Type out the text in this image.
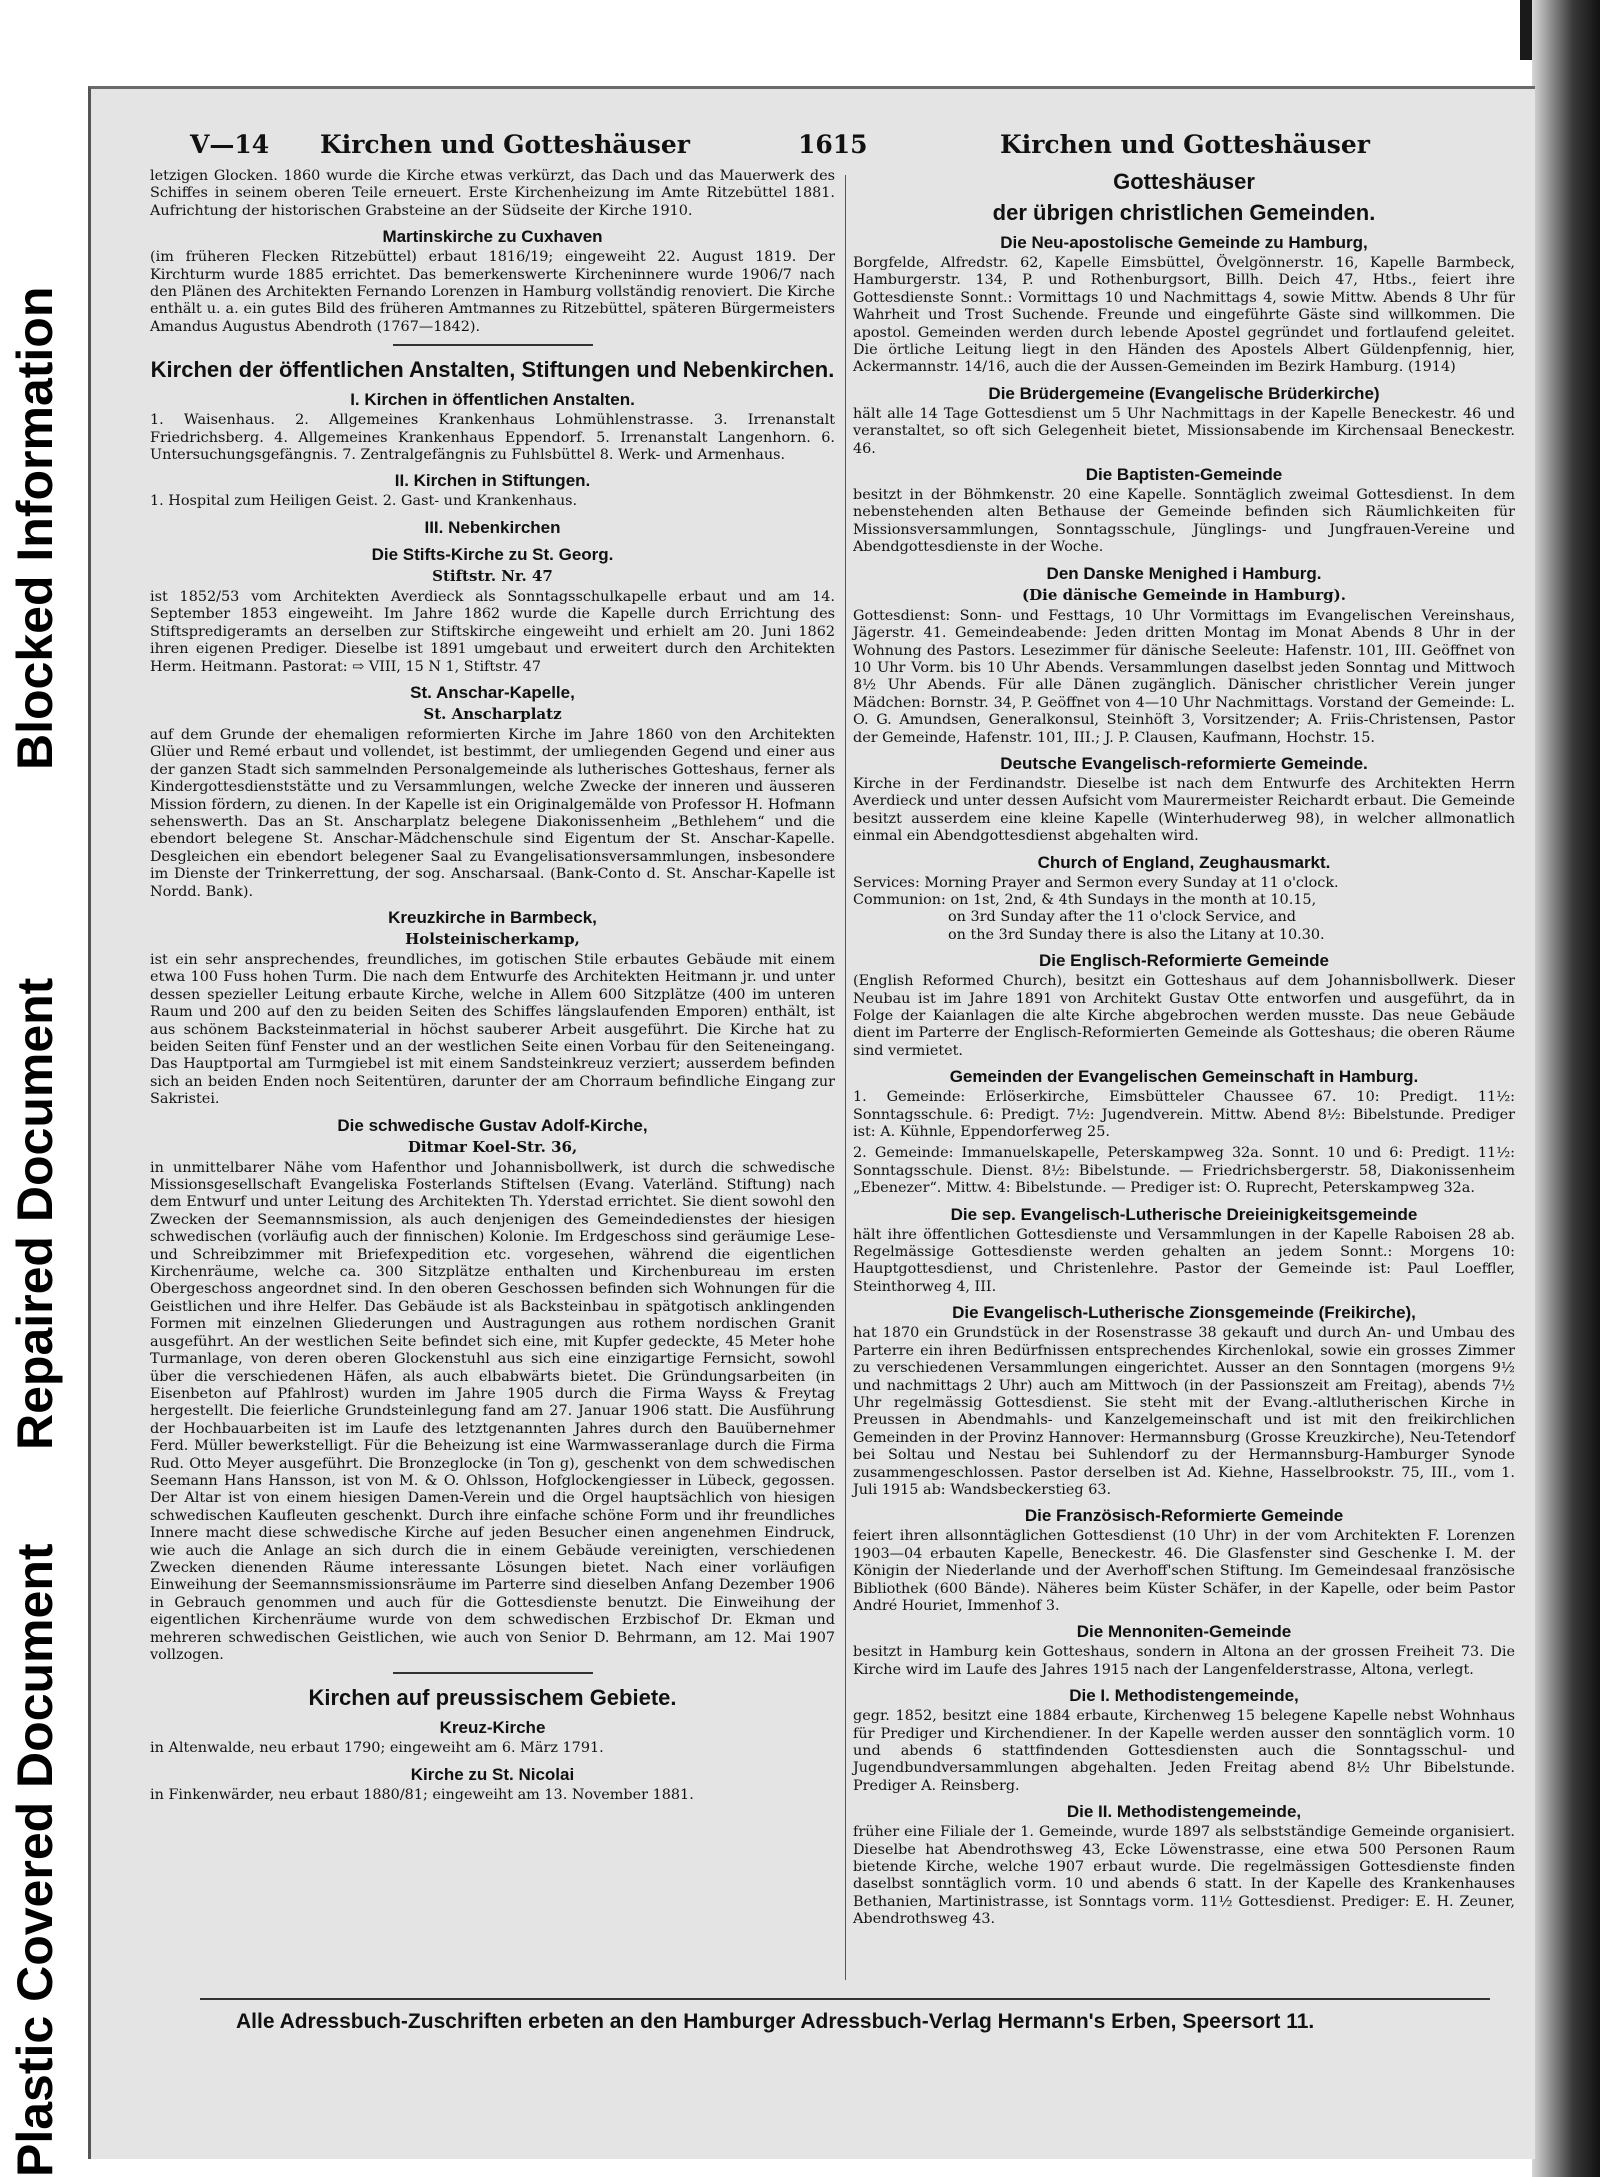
Blocked Information
Repaired Document
Plastic Covered Document
V—14 Kirchen und Gotteshäuser	1615	Kirchen und Gotteshäuser

letzigen Glocken. 1860 wurde die Kirche etwas verkürzt, das Dach und das Mauerwerk des Schiffes in seinem oberen Teile erneuert. Erste Kirchenheizung im Amte Ritzebüttel 1881. Aufrichtung der historischen Grabsteine an der Südseite der Kirche 1910.

Martinskirche zu Cuxhaven

(im früheren Flecken Ritzebüttel) erbaut 1816/19; eingeweiht 22. August 1819. Der Kirchturm wurde 1885 errichtet. Das bemerkenswerte Kircheninnere wurde 1906/7 nach den Plänen des Architekten Fernando Lorenzen in Hamburg vollständig renoviert. Die Kirche enthält u. a. ein gutes Bild des früheren Amtmannes zu Ritzebüttel, späteren Bürgermeisters Amandus Augustus Abendroth (1767—1842).

Kirchen der öffentlichen Anstalten, Stiftungen und Nebenkirchen.
I. Kirchen in öffentlichen Anstalten.

1. Waisenhaus. 2. Allgemeines Krankenhaus Lohmühlenstrasse. 3. Irrenanstalt Friedrichsberg. 4. Allgemeines Krankenhaus Eppendorf. 5. Irrenanstalt Langenhorn. 6. Untersuchungsgefängnis. 7. Zentralgefängnis zu Fuhlsbüttel 8. Werk- und Armenhaus.

II. Kirchen in Stiftungen.

1. Hospital zum Heiligen Geist. 2. Gast- und Krankenhaus.

III. Nebenkirchen
Die Stifts-Kirche zu St. Georg.
Stiftstr. Nr. 47

ist 1852/53 vom Architekten Averdieck als Sonntagsschulkapelle erbaut und am 14. September 1853 eingeweiht. Im Jahre 1862 wurde die Kapelle durch Errichtung des Stiftspredigeramts an derselben zur Stiftskirche eingeweiht und erhielt am 20. Juni 1862 ihren eigenen Prediger. Dieselbe ist 1891 umgebaut und erweitert durch den Architekten Herm. Heitmann. Pastorat: ⇨ VIII, 15 N 1, Stiftstr. 47

St. Anschar-Kapelle,
St. Anscharplatz

auf dem Grunde der ehemaligen reformierten Kirche im Jahre 1860 von den Architekten Glüer und Remé erbaut und vollendet, ist bestimmt, der umliegenden Gegend und einer aus der ganzen Stadt sich sammelnden Personalgemeinde als lutherisches Gotteshaus, ferner als Kindergottesdienststätte und zu Versammlungen, welche Zwecke der inneren und äusseren Mission fördern, zu dienen. In der Kapelle ist ein Originalgemälde von Professor H. Hofmann sehenswerth. Das an St. Anscharplatz belegene Diakonissenheim „Bethlehem“ und die ebendort belegene St. Anschar-Mädchenschule sind Eigentum der St. Anschar-Kapelle. Desgleichen ein ebendort belegener Saal zu Evangelisationsversammlungen, insbesondere im Dienste der Trinkerrettung, der sog. Anscharsaal. (Bank-Conto d. St. Anschar-Kapelle ist Nordd. Bank).

Kreuzkirche in Barmbeck,
Holsteinischerkamp,

ist ein sehr ansprechendes, freundliches, im gotischen Stile erbautes Gebäude mit einem etwa 100 Fuss hohen Turm. Die nach dem Entwurfe des Architekten Heitmann jr. und unter dessen spezieller Leitung erbaute Kirche, welche in Allem 600 Sitzplätze (400 im unteren Raum und 200 auf den zu beiden Seiten des Schiffes längslaufenden Emporen) enthält, ist aus schönem Backsteinmaterial in höchst sauberer Arbeit ausgeführt. Die Kirche hat zu beiden Seiten fünf Fenster und an der westlichen Seite einen Vorbau für den Seiteneingang. Das Hauptportal am Turmgiebel ist mit einem Sandsteinkreuz verziert; ausserdem befinden sich an beiden Enden noch Seitentüren, darunter der am Chorraum befindliche Eingang zur Sakristei.

Die schwedische Gustav Adolf-Kirche,
Ditmar Koel-Str. 36,

in unmittelbarer Nähe vom Hafenthor und Johannisbollwerk, ist durch die schwedische Missionsgesellschaft Evangeliska Fosterlands Stiftelsen (Evang. Vaterländ. Stiftung) nach dem Entwurf und unter Leitung des Architekten Th. Yderstad errichtet. Sie dient sowohl den Zwecken der Seemannsmission, als auch denjenigen des Gemeindedienstes der hiesigen schwedischen (vorläufig auch der finnischen) Kolonie. Im Erdgeschoss sind geräumige Lese- und Schreibzimmer mit Briefexpedition etc. vorgesehen, während die eigentlichen Kirchenräume, welche ca. 300 Sitzplätze enthalten und Kirchenbureau im ersten Obergeschoss angeordnet sind. In den oberen Geschossen befinden sich Wohnungen für die Geistlichen und ihre Helfer. Das Gebäude ist als Backsteinbau in spätgotisch anklingenden Formen mit einzelnen Gliederungen und Austragungen aus rothem nordischen Granit ausgeführt. An der westlichen Seite befindet sich eine, mit Kupfer gedeckte, 45 Meter hohe Turmanlage, von deren oberen Glockenstuhl aus sich eine einzigartige Fernsicht, sowohl über die verschiedenen Häfen, als auch elbabwärts bietet. Die Gründungsarbeiten (in Eisenbeton auf Pfahlrost) wurden im Jahre 1905 durch die Firma Wayss & Freytag hergestellt. Die feierliche Grundsteinlegung fand am 27. Januar 1906 statt. Die Ausführung der Hochbauarbeiten ist im Laufe des letztgenannten Jahres durch den Bauübernehmer Ferd. Müller bewerkstelligt. Für die Beheizung ist eine Warmwasseranlage durch die Firma Rud. Otto Meyer ausgeführt. Die Bronzeglocke (in Ton g), geschenkt von dem schwedischen Seemann Hans Hansson, ist von M. & O. Ohlsson, Hofglockengiesser in Lübeck, gegossen. Der Altar ist von einem hiesigen Damen-Verein und die Orgel hauptsächlich von hiesigen schwedischen Kaufleuten geschenkt. Durch ihre einfache schöne Form und ihr freundliches Innere macht diese schwedische Kirche auf jeden Besucher einen angenehmen Eindruck, wie auch die Anlage an sich durch die in einem Gebäude vereinigten, verschiedenen Zwecken dienenden Räume interessante Lösungen bietet. Nach einer vorläufigen Einweihung der Seemannsmissionsräume im Parterre sind dieselben Anfang Dezember 1906 in Gebrauch genommen und auch für die Gottesdienste benutzt. Die Einweihung der eigentlichen Kirchenräume wurde von dem schwedischen Erzbischof Dr. Ekman und mehreren schwedischen Geistlichen, wie auch von Senior D. Behrmann, am 12. Mai 1907 vollzogen.

Kirchen auf preussischem Gebiete.
Kreuz-Kirche

in Altenwalde, neu erbaut 1790; eingeweiht am 6. März 1791.

Kirche zu St. Nicolai

in Finkenwärder, neu erbaut 1880/81; eingeweiht am 13. November 1881.

Gotteshäuser
der übrigen christlichen Gemeinden.
Die Neu-apostolische Gemeinde zu Hamburg,

Borgfelde, Alfredstr. 62, Kapelle Eimsbüttel, Övelgönnerstr. 16, Kapelle Barmbeck, Hamburgerstr. 134, P. und Rothenburgsort, Billh. Deich 47, Htbs., feiert ihre Gottesdienste Sonnt.: Vormittags 10 und Nachmittags 4, sowie Mittw. Abends 8 Uhr für Wahrheit und Trost Suchende. Freunde und eingeführte Gäste sind willkommen. Die apostol. Gemeinden werden durch lebende Apostel gegründet und fortlaufend geleitet. Die örtliche Leitung liegt in den Händen des Apostels Albert Güldenpfennig, hier, Ackermannstr. 14/16, auch die der Aussen-Gemeinden im Bezirk Hamburg. (1914)

Die Brüdergemeine (Evangelische Brüderkirche)

hält alle 14 Tage Gottesdienst um 5 Uhr Nachmittags in der Kapelle Beneckestr. 46 und veranstaltet, so oft sich Gelegenheit bietet, Missionsabende im Kirchensaal Beneckestr. 46.

Die Baptisten-Gemeinde

besitzt in der Böhmkenstr. 20 eine Kapelle. Sonntäglich zweimal Gottesdienst. In dem nebenstehenden alten Bethause der Gemeinde befinden sich Räumlichkeiten für Missionsversammlungen, Sonntagsschule, Jünglings- und Jungfrauen-Vereine und Abendgottesdienste in der Woche.

Den Danske Menighed i Hamburg.
(Die dänische Gemeinde in Hamburg).

Gottesdienst: Sonn- und Festtags, 10 Uhr Vormittags im Evangelischen Vereinshaus, Jägerstr. 41. Gemeindeabende: Jeden dritten Montag im Monat Abends 8 Uhr in der Wohnung des Pastors. Lesezimmer für dänische Seeleute: Hafenstr. 101, III. Geöffnet von 10 Uhr Vorm. bis 10 Uhr Abends. Versammlungen daselbst jeden Sonntag und Mittwoch 8½ Uhr Abends. Für alle Dänen zugänglich. Dänischer christlicher Verein junger Mädchen: Bornstr. 34, P. Geöffnet von 4—10 Uhr Nachmittags. Vorstand der Gemeinde: L. O. G. Amundsen, Generalkonsul, Steinhöft 3, Vorsitzender; A. Friis-Christensen, Pastor der Gemeinde, Hafenstr. 101, III.; J. P. Clausen, Kaufmann, Hochstr. 15.

Deutsche Evangelisch-reformierte Gemeinde.

Kirche in der Ferdinandstr. Dieselbe ist nach dem Entwurfe des Architekten Herrn Averdieck und unter dessen Aufsicht vom Maurermeister Reichardt erbaut. Die Gemeinde besitzt ausserdem eine kleine Kapelle (Winterhuderweg 98), in welcher allmonatlich einmal ein Abendgottesdienst abgehalten wird.

Church of England, Zeughausmarkt.

Services: Morning Prayer and Sermon every Sunday at 11 o'clock.

Communion: on 1st, 2nd, & 4th Sundays in the month at 10.15,

on 3rd Sunday after the 11 o'clock Service, and

on the 3rd Sunday there is also the Litany at 10.30.

Die Englisch-Reformierte Gemeinde

(English Reformed Church), besitzt ein Gotteshaus auf dem Johannisbollwerk. Dieser Neubau ist im Jahre 1891 von Architekt Gustav Otte entworfen und ausgeführt, da in Folge der Kaianlagen die alte Kirche abgebrochen werden musste. Das neue Gebäude dient im Parterre der Englisch-Reformierten Gemeinde als Gotteshaus; die oberen Räume sind vermietet.

Gemeinden der Evangelischen Gemeinschaft in Hamburg.

1. Gemeinde: Erlöserkirche, Eimsbütteler Chaussee 67. 10: Predigt. 11½: Sonntagsschule. 6: Predigt. 7½: Jugendverein. Mittw. Abend 8½: Bibelstunde. Prediger ist: A. Kühnle, Eppendorferweg 25.

2. Gemeinde: Immanuelskapelle, Peterskampweg 32a. Sonnt. 10 und 6: Predigt. 11½: Sonntagsschule. Dienst. 8½: Bibelstunde. — Friedrichsbergerstr. 58, Diakonissenheim „Ebenezer“. Mittw. 4: Bibelstunde. — Prediger ist: O. Ruprecht, Peterskampweg 32a.

Die sep. Evangelisch-Lutherische Dreieinigkeitsgemeinde

hält ihre öffentlichen Gottesdienste und Versammlungen in der Kapelle Raboisen 28 ab. Regelmässige Gottesdienste werden gehalten an jedem Sonnt.: Morgens 10: Hauptgottesdienst, und Christenlehre. Pastor der Gemeinde ist: Paul Loeffler, Steinthorweg 4, III.

Die Evangelisch-Lutherische Zionsgemeinde (Freikirche),

hat 1870 ein Grundstück in der Rosenstrasse 38 gekauft und durch An- und Umbau des Parterre ein ihren Bedürfnissen entsprechendes Kirchenlokal, sowie ein grosses Zimmer zu verschiedenen Versammlungen eingerichtet. Ausser an den Sonntagen (morgens 9½ und nachmittags 2 Uhr) auch am Mittwoch (in der Passionszeit am Freitag), abends 7½ Uhr regelmässig Gottesdienst. Sie steht mit der Evang.-altlutherischen Kirche in Preussen in Abendmahls- und Kanzelgemeinschaft und ist mit den freikirchlichen Gemeinden in der Provinz Hannover: Hermannsburg (Grosse Kreuzkirche), Neu-Tetendorf bei Soltau und Nestau bei Suhlendorf zu der Hermannsburg-Hamburger Synode zusammengeschlossen. Pastor derselben ist Ad. Kiehne, Hasselbrookstr. 75, III., vom 1. Juli 1915 ab: Wandsbeckerstieg 63.

Die Französisch-Reformierte Gemeinde

feiert ihren allsonntäglichen Gottesdienst (10 Uhr) in der vom Architekten F. Lorenzen 1903—04 erbauten Kapelle, Beneckestr. 46. Die Glasfenster sind Geschenke I. M. der Königin der Niederlande und der Averhoff'schen Stiftung. Im Gemeindesaal französische Bibliothek (600 Bände). Näheres beim Küster Schäfer, in der Kapelle, oder beim Pastor André Houriet, Immenhof 3.

Die Mennoniten-Gemeinde

besitzt in Hamburg kein Gotteshaus, sondern in Altona an der grossen Freiheit 73. Die Kirche wird im Laufe des Jahres 1915 nach der Langenfelderstrasse, Altona, verlegt.

Die I. Methodistengemeinde,

gegr. 1852, besitzt eine 1884 erbaute, Kirchenweg 15 belegene Kapelle nebst Wohnhaus für Prediger und Kirchendiener. In der Kapelle werden ausser den sonntäglich vorm. 10 und abends 6 stattfindenden Gottesdiensten auch die Sonntagsschul- und Jugendbundversammlungen abgehalten. Jeden Freitag abend 8½ Uhr Bibelstunde. Prediger A. Reinsberg.

Die II. Methodistengemeinde,

früher eine Filiale der 1. Gemeinde, wurde 1897 als selbstständige Gemeinde organisiert. Dieselbe hat Abendrothsweg 43, Ecke Löwenstrasse, eine etwa 500 Personen Raum bietende Kirche, welche 1907 erbaut wurde. Die regelmässigen Gottesdienste finden daselbst sonntäglich vorm. 10 und abends 6 statt. In der Kapelle des Krankenhauses Bethanien, Martinistrasse, ist Sonntags vorm. 11½ Gottesdienst. Prediger: E. H. Zeuner, Abendrothsweg 43.

Alle Adressbuch-Zuschriften erbeten an den Hamburger Adressbuch-Verlag Hermann's Erben, Speersort 11.
